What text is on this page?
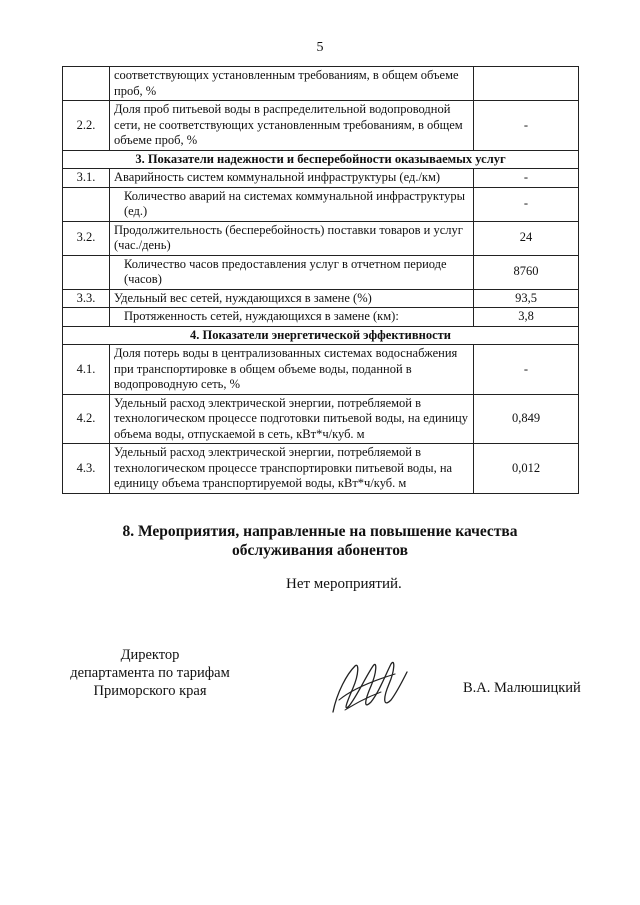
5
	соответствующих установленным требованиям, в общем объеме проб, %	
2.2.	Доля проб питьевой воды в распределительной водопроводной сети, не соответствующих установленным требованиям, в общем объеме проб, %	-
3. Показатели надежности и бесперебойности оказываемых услуг		
3.1.	Аварийность систем коммунальной инфраструктуры (ед./км)	-
	Количество аварий на системах коммунальной инфраструктуры (ед.)	-
3.2.	Продолжительность (бесперебойность) поставки товаров и услуг (час./день)	24
	Количество часов предоставления услуг в отчетном периоде (часов)	8760
3.3.	Удельный вес сетей, нуждающихся в замене (%)	93,5
	Протяженность сетей, нуждающихся в замене (км):	3,8
4. Показатели энергетической эффективности		
4.1.	Доля потерь воды в централизованных системах водоснабжения при транспортировке в общем объеме воды, поданной в водопроводную сеть, %	-
4.2.	Удельный расход электрической энергии, потребляемой в технологическом процессе подготовки питьевой воды, на единицу объема воды, отпускаемой в сеть, кВт*ч/куб. м	0,849
4.3.	Удельный расход электрической энергии, потребляемой в технологическом процессе транспортировки питьевой воды, на единицу объема транспортируемой воды, кВт*ч/куб. м	0,012
8. Мероприятия, направленные на повышение качества
обслуживания абонентов
Нет мероприятий.
Директор
департамента по тарифам
Приморского края	В.А. Малюшицкий
